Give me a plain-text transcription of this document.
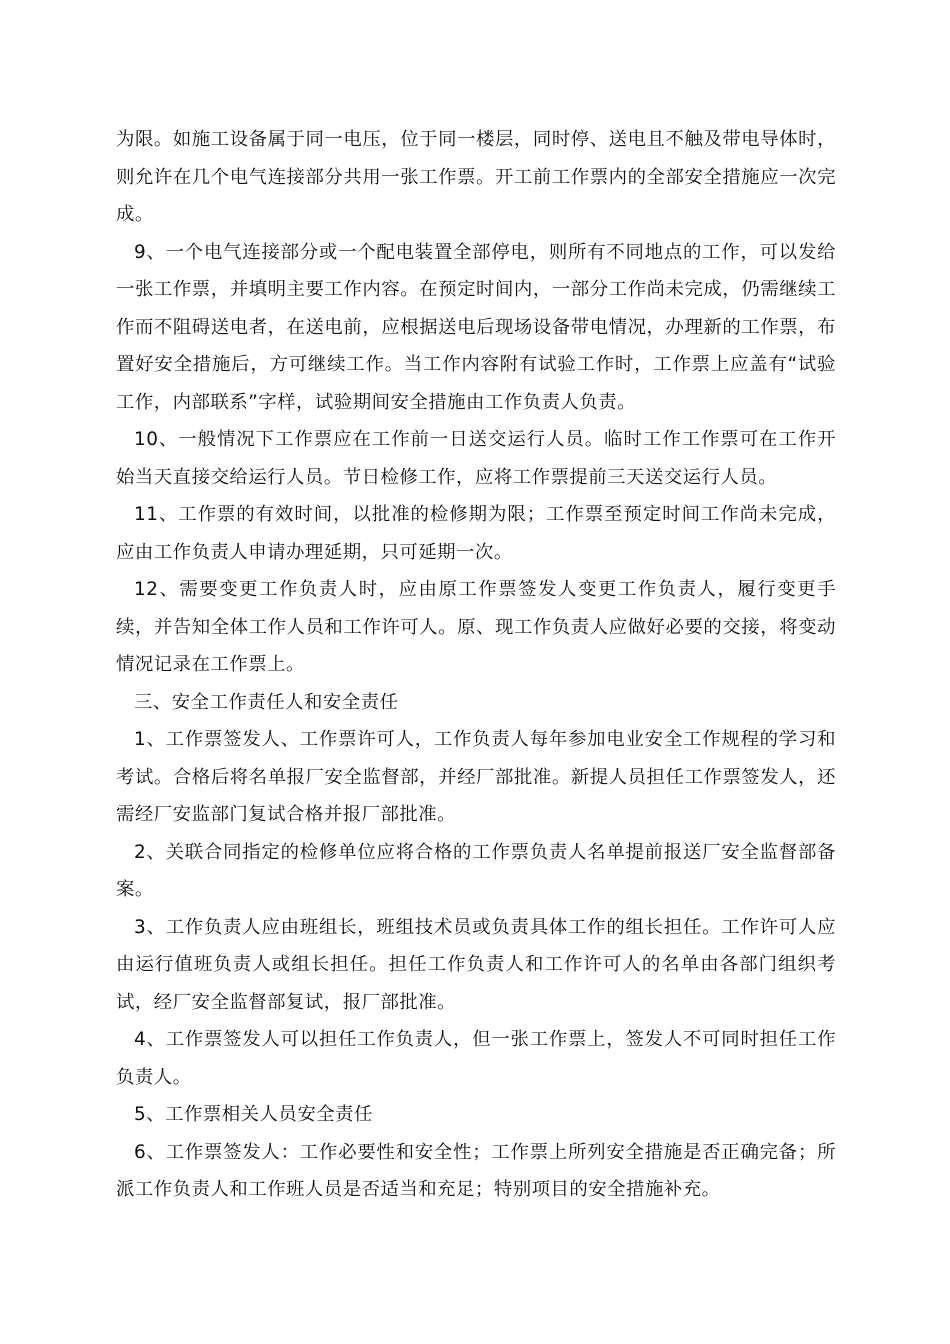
为限。如施工设备属于同一电压，位于同一楼层，同时停、送电且不触及带电导体时，则允许在几个电气连接部分共用一张工作票。开工前工作票内的全部安全措施应一次完成。

9、一个电气连接部分或一个配电装置全部停电，则所有不同地点的工作，可以发给一张工作票，并填明主要工作内容。在预定时间内，一部分工作尚未完成，仍需继续工作而不阻碍送电者，在送电前，应根据送电后现场设备带电情况，办理新的工作票，布置好安全措施后，方可继续工作。当工作内容附有试验工作时，工作票上应盖有“试验工作，内部联系”字样，试验期间安全措施由工作负责人负责。

10、一般情况下工作票应在工作前一日送交运行人员。临时工作工作票可在工作开始当天直接交给运行人员。节日检修工作，应将工作票提前三天送交运行人员。

11、工作票的有效时间，以批准的检修期为限；工作票至预定时间工作尚未完成，应由工作负责人申请办理延期，只可延期一次。

12、需要变更工作负责人时，应由原工作票签发人变更工作负责人，履行变更手续，并告知全体工作人员和工作许可人。原、现工作负责人应做好必要的交接，将变动情况记录在工作票上。

三、安全工作责任人和安全责任

1、工作票签发人、工作票许可人，工作负责人每年参加电业安全工作规程的学习和考试。合格后将名单报厂安全监督部，并经厂部批准。新提人员担任工作票签发人，还需经厂安监部门复试合格并报厂部批准。

2、关联合同指定的检修单位应将合格的工作票负责人名单提前报送厂安全监督部备案。

3、工作负责人应由班组长，班组技术员或负责具体工作的组长担任。工作许可人应由运行值班负责人或组长担任。担任工作负责人和工作许可人的名单由各部门组织考试，经厂安全监督部复试，报厂部批准。

4、工作票签发人可以担任工作负责人，但一张工作票上，签发人不可同时担任工作负责人。

5、工作票相关人员安全责任

6、工作票签发人：工作必要性和安全性；工作票上所列安全措施是否正确完备；所派工作负责人和工作班人员是否适当和充足；特别项目的安全措施补充。
